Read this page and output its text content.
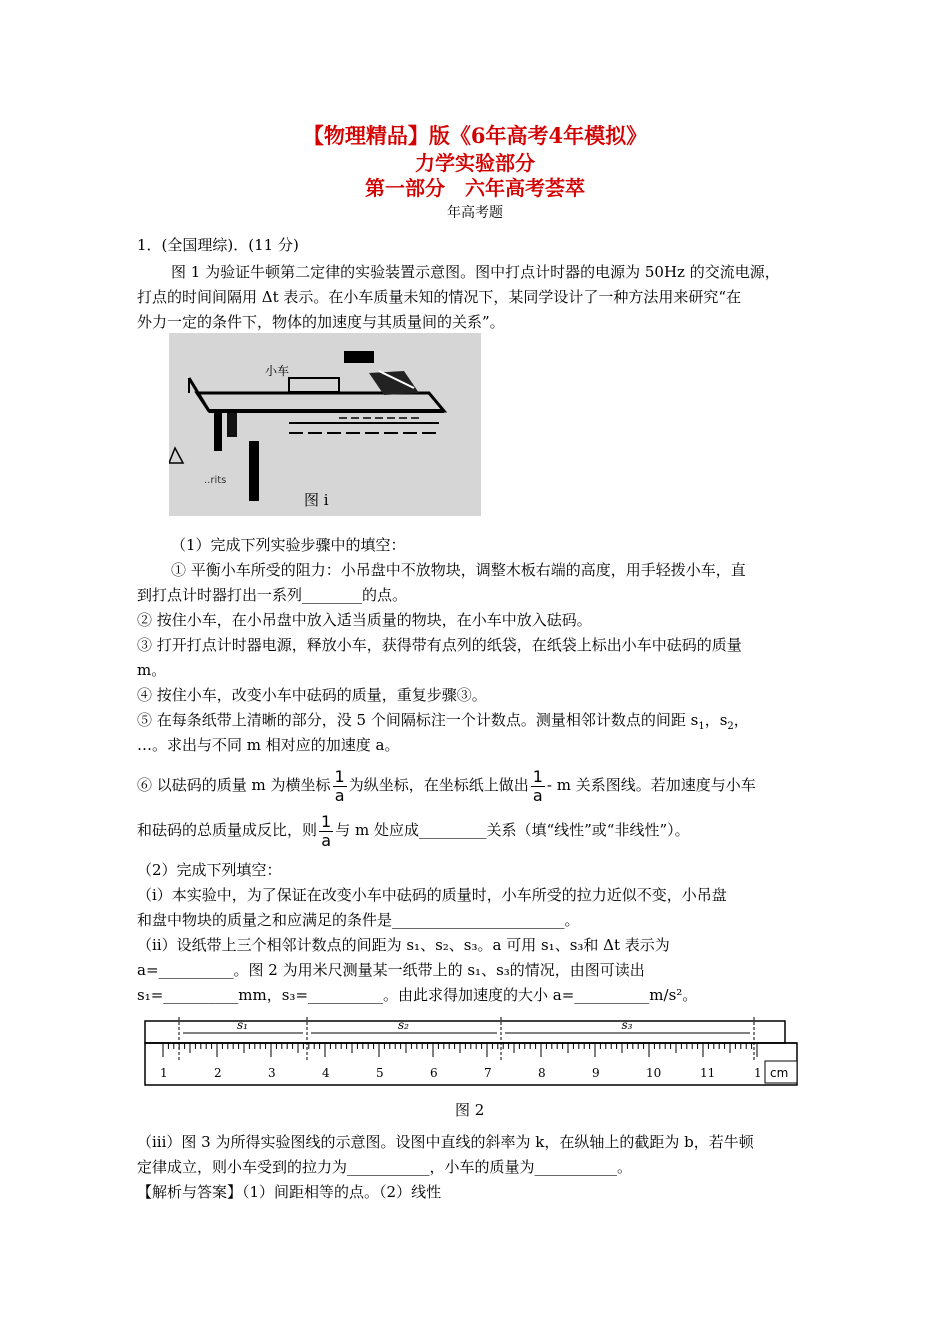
【物理精品】版《6年高考4年模拟》
力学实验部分
第一部分　六年高考荟萃
年高考题
1．(全国理综)．(11 分)
图 1 为验证牛顿第二定律的实验装置示意图。图中打点计时器的电源为 50Hz 的交流电源，
打点的时间间隔用 Δt 表示。在小车质量未知的情况下，某同学设计了一种方法用来研究“在
外力一定的条件下，物体的加速度与其质量间的关系”。
小车
..rits
图 i
（1）完成下列实验步骤中的填空：
① 平衡小车所受的阻力：小吊盘中不放物块，调整木板右端的高度，用手轻拨小车，直
到打点计时器打出一系列________的点。
② 按住小车，在小吊盘中放入适当质量的物块，在小车中放入砝码。
③ 打开打点计时器电源，释放小车，获得带有点列的纸袋，在纸袋上标出小车中砝码的质量
m。
④ 按住小车，改变小车中砝码的质量，重复步骤③。
⑤ 在每条纸带上清晰的部分，没 5 个间隔标注一个计数点。测量相邻计数点的间距 $s_1$，$s_2$，
…。求出与不同 m 相对应的加速度 a。
⑥ 以砝码的质量 m 为横坐标 $\frac{1}{a}$ 为纵坐标，在坐标纸上做出 $\frac{1}{a}$ - m 关系图线。若加速度与小车
和砝码的总质量成反比，则 $\frac{1}{a}$ 与 m 处应成_________关系（填“线性”或“非线性”）。
（2）完成下列填空：
（ⅰ）本实验中，为了保证在改变小车中砝码的质量时，小车所受的拉力近似不变，小吊盘
和盘中物块的质量之和应满足的条件是_______________________。
（ⅱ）设纸带上三个相邻计数点的间距为 s₁、s₂、s₃。a 可用 s₁、s₃和 Δt 表示为
a=__________。图 2 为用米尺测量某一纸带上的 s₁、s₃的情况，由图可读出
s₁=__________mm，s₃=__________。由此求得加速度的大小 a=__________m/s²。
cm
1	2	3	4	5	6	7	8	9	10	11	1
s₁	s₂	s₃
图 2
（iii）图 3 为所得实验图线的示意图。设图中直线的斜率为 k，在纵轴上的截距为 b，若牛顿
定律成立，则小车受到的拉力为___________，小车的质量为___________。
【解析与答案】（1）间距相等的点。（2）线性
